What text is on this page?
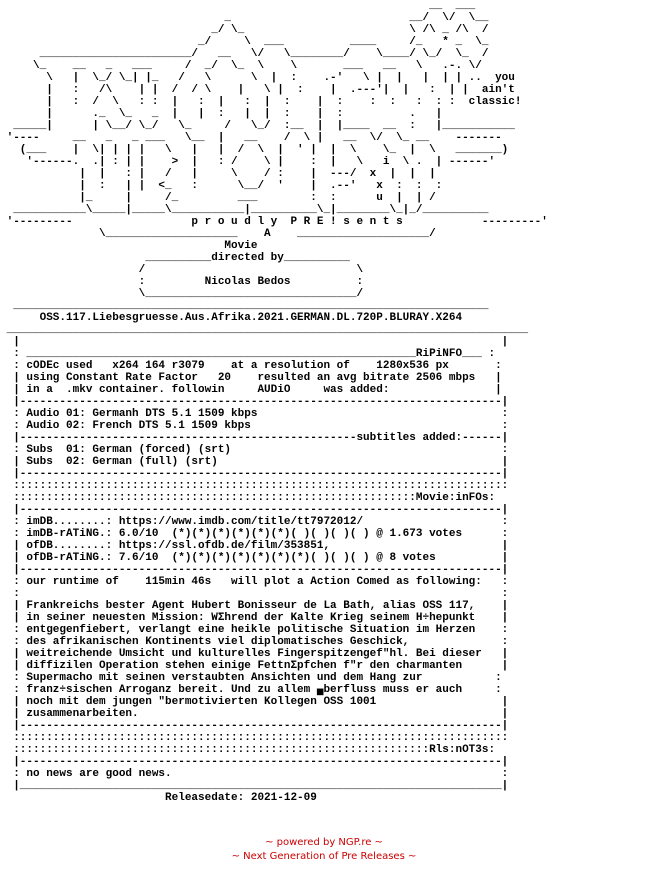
__  ___
_                           __/  \/  \__
_/ \_                         \ /\ _ /\  /
_/     \  ___          ____     /_   * _  \_
_______________________/   __   \/   \________/    \____/ \_/  \_  /
\_    __   _   ___     /  _/  \_  \    \       ___   __   \   .-. \/
\   |  \_/ \_| |_   /   \      \  |  :    .-'   \ |  |   |  | | ..  you
|   :   /\    | |  /  / \    |   \ |  :    |  .---'|  |   :  | |  ain't
|   :  /  \   : :  |   :  |   :  |  :    |  :    :  :   :  : :  classic!
|      ._  \_   _  |   |  :   |  |  :    |  :          .   |
_____|      | \__/ \_/   \_     /   \_/  :__  |  |____  __  :   |___________
'----     __   _   _ ___   \__  |   __    /  \ |   __  \/  \_ __    -------
(___    |  \| | | |   \   |   |  /  \  |  ' |  |  \    \_  |  \   _______)
'------.  .| : | |    >  |   : /    \ |    :  |   \   i  \ .  | ------'
|  |   : |   /   |     \    / :    |  ---/  x  |  |  |
|  :   | |  <_   :      \__/  '    |  .--'   x  :  :  :
|_     |     /_         ___        :  :      u  |  | /
___________\_____|_____\___________|__________\_|________\_|_/__________
'---------                  p r o u d l y  P R E ! s e n t s            ---------'
\____________________    A    ____________________/
Movie
__________directed by__________
/                                \
:         Nicolas Bedos          :
\________________________________/
________________________________________________________________________
OSS.117.Liebesgruesse.Aus.Afrika.2021.GERMAN.DL.720P.BLURAY.X264
_______________________________________________________________________________
|                                                                         |
: ___________________________________________________________RiPiNFO___ :
: cODEc used   x264 164 r3079    at a resolution of    1280x536 px       :
| using Constant Rate Factor   20    resulted an avg bitrate 2506 mbps   |
| in a  .mkv container. followin     AUDiO     was added:                |
|-------------------------------------------------------------------------|
: Audio 01: Germanh DTS 5.1 1509 kbps                                     :
: Audio 02: French DTS 5.1 1509 kbps                                      :
|---------------------------------------------------subtitles added:------|
: Subs  01: German (forced) (srt)                                         :
| Subs  02: German (full) (srt)                                           |
|-------------------------------------------------------------------------|
:::::::::::::::::::::::::::::::::::::::::::::::::::::::::::::::::::::::::::
:::::::::::::::::::::::::::::::::::::::::::::::::::::::::::::Movie:inFOs:
|-------------------------------------------------------------------------|
: imDB........: https://www.imdb.com/title/tt7972012/                     :
: imDB-rATiNG.: 6.0/10  (*)(*)(*)(*)(*)(*)( )( )( )( ) @ 1.673 votes      :
| ofDB........: https://ssl.ofdb.de/film/353851,                          |
| ofDB-rATiNG.: 7.6/10  (*)(*)(*)(*)(*)(*)(*)( )( )( ) @ 8 votes          |
|-------------------------------------------------------------------------|
: our runtime of    115min 46s   will plot a Action Comed as following:   :
:                                                                         :
| Frankreichs bester Agent Hubert Bonisseur de La Bath, alias OSS 117,    |
| in seiner neuesten Mission: WΣhrend der Kalte Krieg seinem H÷hepunkt    |
: entgegenfiebert, verlangt eine heikle politische Situation im Herzen    :
: des afrikanischen Kontinents viel diplomatisches Geschick,              :
| weitreichende Umsicht und kulturelles Fingerspitzengef"hl. Bei dieser   |
| diffizilen Operation stehen einige FettnΣpfchen f"r den charmanten      |
: Supermacho mit seinen verstaubten Ansichten und dem Hang zur           :
: franz÷sischen Arroganz bereit. Und zu allem ▄berfluss muss er auch     :
| noch mit dem jungen "bermotivierten Kollegen OSS 1001                   |
| zusammenarbeiten.                                                       |
|-------------------------------------------------------------------------|
:::::::::::::::::::::::::::::::::::::::::::::::::::::::::::::::::::::::::::
:::::::::::::::::::::::::::::::::::::::::::::::::::::::::::::::Rls:nOT3s:
|-------------------------------------------------------------------------|
: no news are good news.                                                  :
|_________________________________________________________________________|
Releasedate: 2021-12-09
~ powered by NGP.re ~
~ Next Generation of Pre Releases ~
